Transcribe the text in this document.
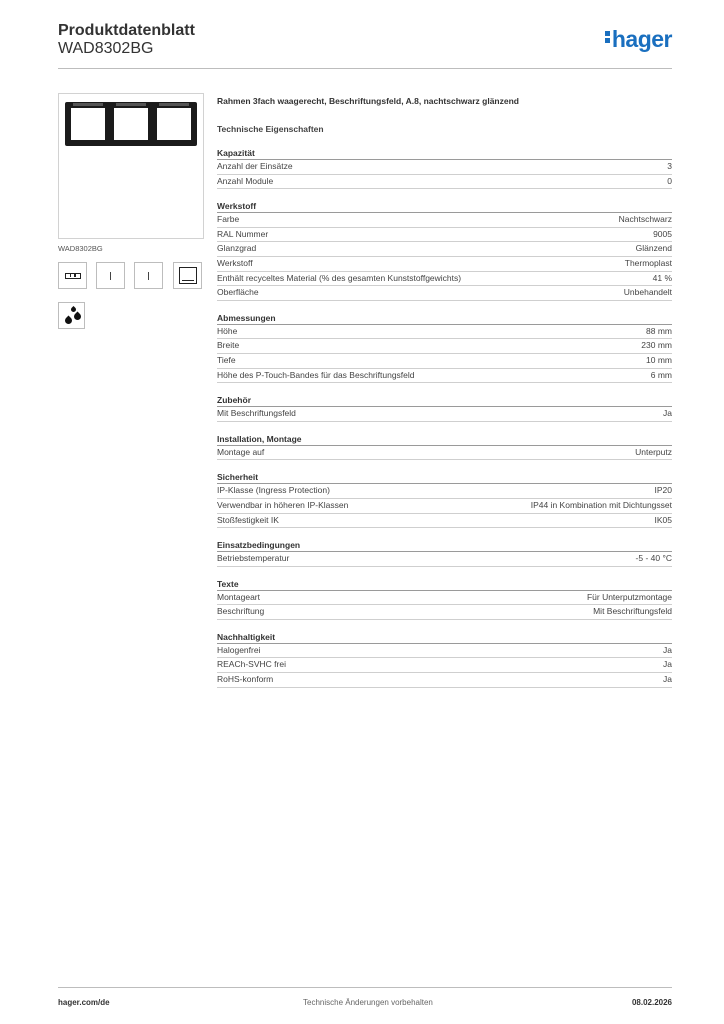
Produktdatenblatt
WAD8302BG	hager
WAD8302BG
Rahmen 3fach waagerecht, Beschriftungsfeld, A.8, nachtschwarz glänzend
Technische Eigenschaften
Kapazität
Anzahl der Einsätze	3
Anzahl Module	0
Werkstoff
Farbe	Nachtschwarz
RAL Nummer	9005
Glanzgrad	Glänzend
Werkstoff	Thermoplast
Enthält recyceltes Material (% des gesamten Kunststoffgewichts)	41 %
Oberfläche	Unbehandelt
Abmessungen
Höhe	88 mm
Breite	230 mm
Tiefe	10 mm
Höhe des P-Touch-Bandes für das Beschriftungsfeld	6 mm
Zubehör
Mit Beschriftungsfeld	Ja
Installation, Montage
Montage auf	Unterputz
Sicherheit
IP-Klasse (Ingress Protection)	IP20
Verwendbar in höheren IP-Klassen	IP44 in Kombination mit Dichtungsset
Stoßfestigkeit IK	IK05
Einsatzbedingungen
Betriebstemperatur	-5 - 40 °C
Texte
Montageart	Für Unterputzmontage
Beschriftung	Mit Beschriftungsfeld
Nachhaltigkeit
Halogenfrei	Ja
REACh-SVHC frei	Ja
RoHS-konform	Ja
hager.com/de	Technische Änderungen vorbehalten	08.02.2026
